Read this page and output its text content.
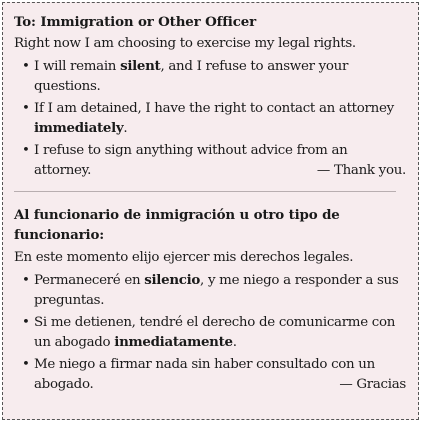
To: Immigration or Other Officer

Right now I am choosing to exercise my legal rights.

• I will remain silent, and I refuse to answer your questions.
• If I am detained, I have the right to contact an attorney immediately.
• I refuse to sign anything without advice from an attorney.	— Thank you.

Al funcionario de inmigración u otro tipo de funcionario:

En este momento elijo ejercer mis derechos legales.

• Permaneceré en silencio, y me niego a responder a sus preguntas.
• Si me detienen, tendré el derecho de comunicarme con un abogado inmediatamente.
• Me niego a firmar nada sin haber consultado con un abogado.	— Gracias
